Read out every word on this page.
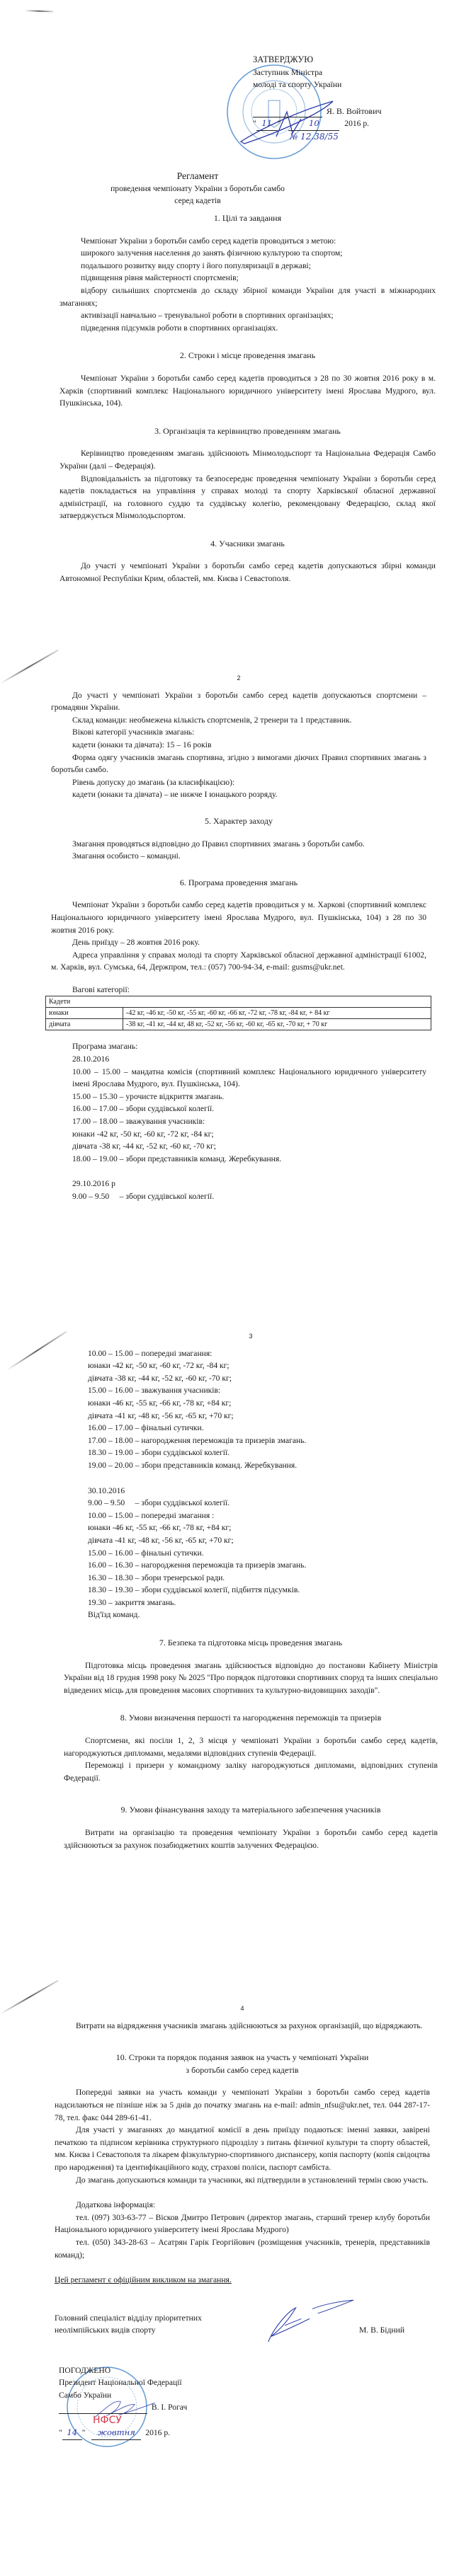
ЗАТВЕРДЖУЮ
Заступник Міністра
молоді та спорту України
Я. В. Войтович
" 11 "	10	2016 р.
№ 12.38/55
Регламент
проведення чемпіонату України з боротьби самбо
серед кадетів
1. Цілі та завдання
Чемпіонат України з боротьби самбо серед кадетів проводиться з метою:
широкого залучення населення до занять фізичною культурою та спортом;
подальшого розвитку виду спорту і його популяризації в державі;
підвищення рівня майстерності спортсменів;
відбору сильніших спортсменів до складу збірної команди України для участі в міжнародних змаганнях;
активізації навчально – тренувальної роботи в спортивних організаціях;
підведення підсумків роботи в спортивних організаціях.
2. Строки і місце проведення змагань
Чемпіонат України з боротьби самбо серед кадетів проводиться з 28 по 30 жовтня 2016 року в м. Харків (спортивний комплекс Національного юридичного університету імені Ярослава Мудрого, вул. Пушкінська, 104).
3. Організація та керівництво проведенням змагань
Керівництво проведенням змагань здійснюють Мінмолодьспорт та Національна Федерація Самбо України (далі – Федерація).
Відповідальність за підготовку та безпосереднє проведення чемпіонату України з боротьби серед кадетів покладається на управління у справах молоді та спорту Харківської обласної державної адміністрації, на головного суддю та суддівську колегію, рекомендовану Федерацією, склад якої затверджується Мінмолодьспортом.
4. Учасники змагань
До участі у чемпіонаті України з боротьби самбо серед кадетів допускаються збірні команди Автономної Республіки Крим, областей, мм. Києва і Севастополя.
2
До участі у чемпіонаті України з боротьби самбо серед кадетів допускаються спортсмени – громадяни України.
Склад команди: необмежена кількість спортсменів, 2 тренери та 1 представник.
Вікові категорії учасників змагань:
кадети (юнаки та дівчата): 15 – 16 років
Форма одягу учасників змагань спортивна, згідно з вимогами діючих Правил спортивних змагань з боротьби самбо.
Рівень допуску до змагань (за класифікацією):
кадети (юнаки та дівчата) – не нижче І юнацького розряду.
5. Характер заходу
Змагання проводяться відповідно до Правил спортивних змагань з боротьби самбо.
Змагання особисто – командні.
6. Програма проведення змагань
Чемпіонат України з боротьби самбо серед кадетів проводиться у м. Харкові (спортивний комплекс Національного юридичного університету імені Ярослава Мудрого, вул. Пушкінська, 104) з 28 по 30 жовтня 2016 року.
День приїзду – 28 жовтня 2016 року.
Адреса управління у справах молоді та спорту Харківської обласної державної адміністрації 61002, м. Харків, вул. Сумська, 64, Держпром, тел.: (057) 700-94-34, e-mail: gusms@ukr.net.
Вагові категорії:
Кадети	
юнаки	-42 кг, -46 кг, -50 кг, -55 кг, -60 кг, -66 кг, -72 кг, -78 кг, -84 кг, + 84 кг
дівчата	-38 кг, -41 кг, -44 кг, 48 кг, -52 кг, -56 кг, -60 кг, -65 кг, -70 кг, + 70 кг
Програма змагань:
28.10.2016
10.00 – 15.00 – мандатна комісія (спортивний комплекс Національного юридичного університету імені Ярослава Мудрого, вул. Пушкінська, 104).
15.00 – 15.30 – урочисте відкриття змагань.
16.00 – 17.00 – збори суддівської колегії.
17.00 – 18.00 – зважування учасників:
юнаки -42 кг, -50 кг, -60 кг, -72 кг, -84 кг;
дівчата -38 кг, -44 кг, -52 кг, -60 кг, -70 кг;
18.00 – 19.00 – збори представників команд. Жеребкування.
29.10.2016 р
9.00 – 9.50     – збори суддівської колегії.
3
10.00 – 15.00 – попередні змагання:
юнаки -42 кг, -50 кг, -60 кг, -72 кг, -84 кг;
дівчата -38 кг, -44 кг, -52 кг, -60 кг, -70 кг;
15.00 – 16.00 – зважування учасників:
юнаки -46 кг, -55 кг, -66 кг, -78 кг, +84 кг;
дівчата -41 кг, -48 кг, -56 кг, -65 кг, +70 кг;
16.00 – 17.00 – фінальні сутички.
17.00 – 18.00 – нагородження переможців та призерів змагань.
18.30 – 19.00 – збори суддівської колегії.
19.00 – 20.00 – збори представників команд. Жеребкування.
30.10.2016
9.00 – 9.50     – збори суддівської колегії.
10.00 – 15.00 – попередні змагання :
юнаки -46 кг, -55 кг, -66 кг, -78 кг, +84 кг;
дівчата -41 кг, -48 кг, -56 кг, -65 кг, +70 кг;
15.00 – 16.00 – фінальні сутички.
16.00 – 16.30 – нагородження переможців та призерів змагань.
16.30 – 18.30 – збори тренерської ради.
18.30 – 19.30 – збори суддівської колегії, підбиття підсумків.
19.30 – закриття змагань.
Від'їзд команд.
7. Безпека та підготовка місць проведення змагань
Підготовка місць проведення змагань здійснюється відповідно до постанови Кабінету Міністрів України від 18 грудня 1998 року № 2025 "Про порядок підготовки спортивних споруд та інших спеціально відведених місць для проведення масових спортивних та культурно-видовищних заходів".
8. Умови визначення першості та нагородження переможців та призерів
Спортсмени, які посіли 1, 2, 3 місця у чемпіонаті України з боротьби самбо серед кадетів, нагороджуються дипломами, медалями відповідних ступенів Федерації.
Переможці і призери у командному заліку нагороджуються дипломами, відповідних ступенів Федерації.
9. Умови фінансування заходу та матеріального забезпечення учасників
Витрати на організацію та проведення чемпіонату України з боротьби самбо серед кадетів здійснюються за рахунок позабюджетних коштів залучених Федерацією.
4
Витрати на відрядження учасників змагань здійснюються за рахунок організацій, що відряджають.
10. Строки та порядок подання заявок на участь у чемпіонаті України
з боротьби самбо серед кадетів
Попередні заявки на участь команди у чемпіонаті України з боротьби самбо серед кадетів надсилаються не пізніше ніж за 5 днів до початку змагань на e-mail: admin_nfsu@ukr.net, тел. 044 287-17-78, тел. факс 044 289-61-41.
Для участі у змаганнях до мандатної комісії в день приїзду подаються: іменні заявки, завірені печаткою та підписом керівника структурного підрозділу з питань фізичної культури та спорту областей, мм. Києва і Севастополя та лікарем фізкультурно-спортивного диспансеру, копія паспорту (копія свідоцтва про народження) та ідентифікаційного коду, страхові поліси, паспорт самбіста.
До змагань допускаються команди та учасники, які підтвердили в установлений термін свою участь.
Додаткова інформація:
тел. (097) 303-63-77 – Вісков Дмитро Петрович (директор змагань, старший тренер клубу боротьби Національного юридичного університету імені Ярослава Мудрого)
тел. (050) 343-28-63 – Асатрян Гарік Георгійович (розміщення учасників, тренерів, представників команд);
Цей регламент є офіційним викликом на змагання.
Головний спеціаліст відділу пріоритетних
неолімпійських видів спорту	М. В. Бідний
ПОГОДЖЕНО
Президент Національної Федерації
Самбо України
В. І. Рогач
НФСУ
" 14 " жовтня 2016 р.
